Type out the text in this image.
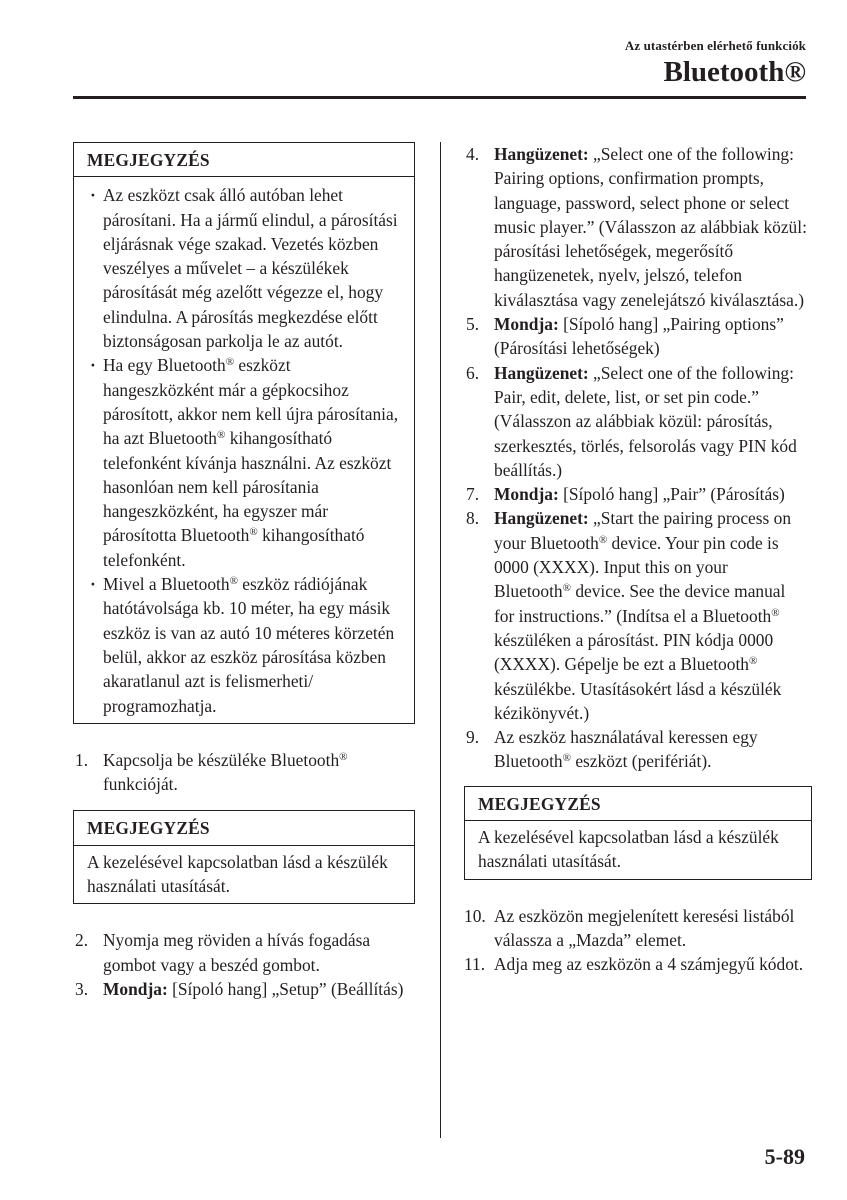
Az utastérben elérhető funkciók
Bluetooth®
MEGJEGYZÉS
· Az eszközt csak álló autóban lehet párosítani. Ha a jármű elindul, a párosítási eljárásnak vége szakad. Vezetés közben veszélyes a művelet – a készülékek párosítását még azelőtt végezze el, hogy elindulna. A párosítás megkezdése előtt biztonságosan parkolja le az autót.
· Ha egy Bluetooth® eszközt hangeszközként már a gépkocsihoz párosított, akkor nem kell újra párosítania, ha azt Bluetooth® kihangosítható telefonként kívánja használni. Az eszközt hasonlóan nem kell párosítania hangeszközként, ha egyszer már párosította Bluetooth® kihangosítható telefonként.
· Mivel a Bluetooth® eszköz rádiójának hatótávolsága kb. 10 méter, ha egy másik eszköz is van az autó 10 méteres körzetén belül, akkor az eszköz párosítása közben akaratlanul azt is felismerheti/ programozhatja.
1. Kapcsolja be készüléke Bluetooth® funkcióját.
MEGJEGYZÉS
A kezelésével kapcsolatban lásd a készülék használati utasítását.
2. Nyomja meg röviden a hívás fogadása gombot vagy a beszéd gombot.
3. Mondja: [Sípoló hang] „Setup” (Beállítás)
4. Hangüzenet: „Select one of the following: Pairing options, confirmation prompts, language, password, select phone or select music player.” (Válasszon az alábbiak közül: párosítási lehetőségek, megerősítő hangüzenetek, nyelv, jelszó, telefon kiválasztása vagy zenelejátszó kiválasztása.)
5. Mondja: [Sípoló hang] „Pairing options” (Párosítási lehetőségek)
6. Hangüzenet: „Select one of the following: Pair, edit, delete, list, or set pin code.” (Válasszon az alábbiak közül: párosítás, szerkesztés, törlés, felsorolás vagy PIN kód beállítás.)
7. Mondja: [Sípoló hang] „Pair” (Párosítás)
8. Hangüzenet: „Start the pairing process on your Bluetooth® device. Your pin code is 0000 (XXXX). Input this on your Bluetooth® device. See the device manual for instructions.” (Indítsa el a Bluetooth® készüléken a párosítást. PIN kódja 0000 (XXXX). Gépelje be ezt a Bluetooth® készülékbe. Utasításokért lásd a készülék kézikönyvét.)
9. Az eszköz használatával keressen egy Bluetooth® eszközt (perifériát).
MEGJEGYZÉS
A kezelésével kapcsolatban lásd a készülék használati utasítását.
10. Az eszközön megjelenített keresési listából válassza a „Mazda” elemet.
11. Adja meg az eszközön a 4 számjegyű kódot.
5-89
